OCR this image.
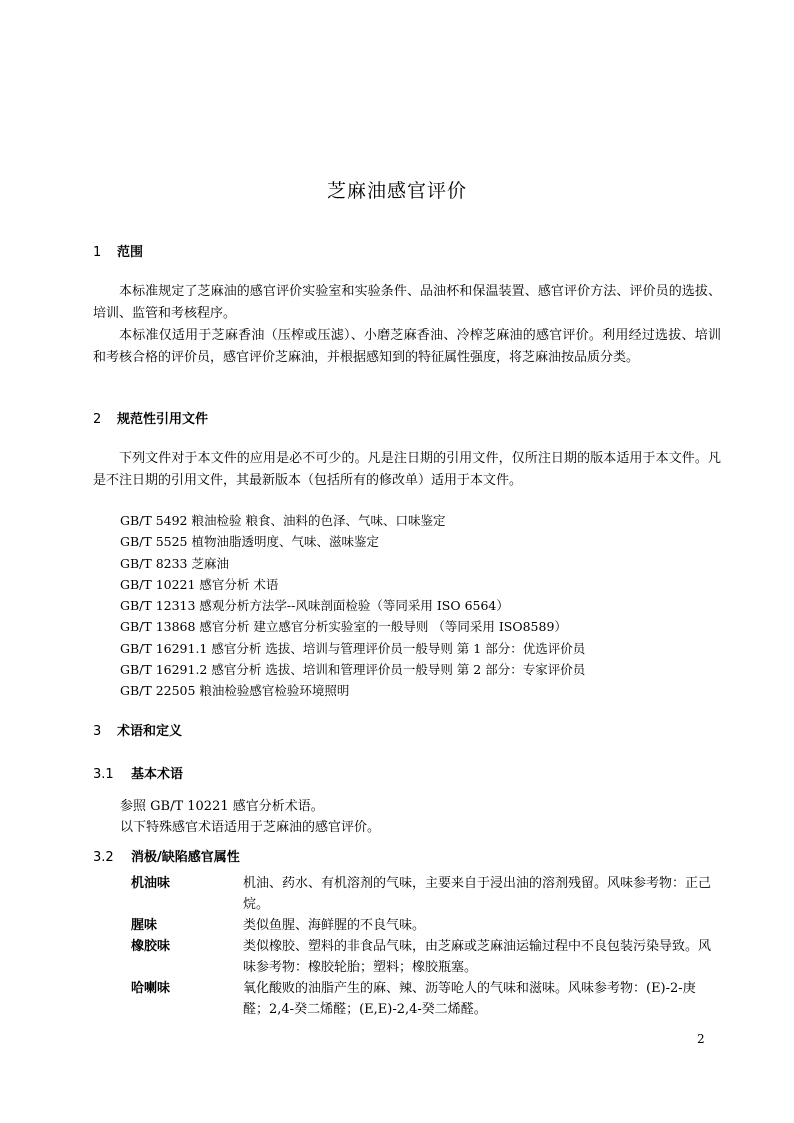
芝麻油感官评价
1 范围
本标准规定了芝麻油的感官评价实验室和实验条件、品油杯和保温装置、感官评价方法、评价员的选拔、培训、监管和考核程序。
本标准仅适用于芝麻香油（压榨或压滤）、小磨芝麻香油、冷榨芝麻油的感官评价。利用经过选拔、培训和考核合格的评价员，感官评价芝麻油，并根据感知到的特征属性强度，将芝麻油按品质分类。
2 规范性引用文件
下列文件对于本文件的应用是必不可少的。凡是注日期的引用文件，仅所注日期的版本适用于本文件。凡是不注日期的引用文件，其最新版本（包括所有的修改单）适用于本文件。
GB/T 5492 粮油检验 粮食、油料的色泽、气味、口味鉴定
GB/T 5525 植物油脂透明度、气味、滋味鉴定
GB/T 8233 芝麻油
GB/T 10221 感官分析 术语
GB/T 12313 感观分析方法学--风味剖面检验（等同采用 ISO 6564）
GB/T 13868 感官分析 建立感官分析实验室的一般导则 （等同采用 ISO8589）
GB/T 16291.1 感官分析 选拔、培训与管理评价员一般导则 第 1 部分：优选评价员
GB/T 16291.2 感官分析 选拔、培训和管理评价员一般导则 第 2 部分：专家评价员
GB/T 22505 粮油检验感官检验环境照明
3 术语和定义
3.1 基本术语
参照 GB/T 10221 感官分析术语。
以下特殊感官术语适用于芝麻油的感官评价。
3.2 消极/缺陷感官属性
机油味	机油、药水、有机溶剂的气味，主要来自于浸出油的溶剂残留。风味参考物：正己烷。
腥味	类似鱼腥、海鲜腥的不良气味。
橡胶味	类似橡胶、塑料的非食品气味，由芝麻或芝麻油运输过程中不良包装污染导致。风味参考物：橡胶轮胎；塑料；橡胶瓶塞。
哈喇味	氧化酸败的油脂产生的麻、辣、沥等呛人的气味和滋味。风味参考物：(E)-2-庚醛；2,4-癸二烯醛；(E,E)-2,4-癸二烯醛。
2
